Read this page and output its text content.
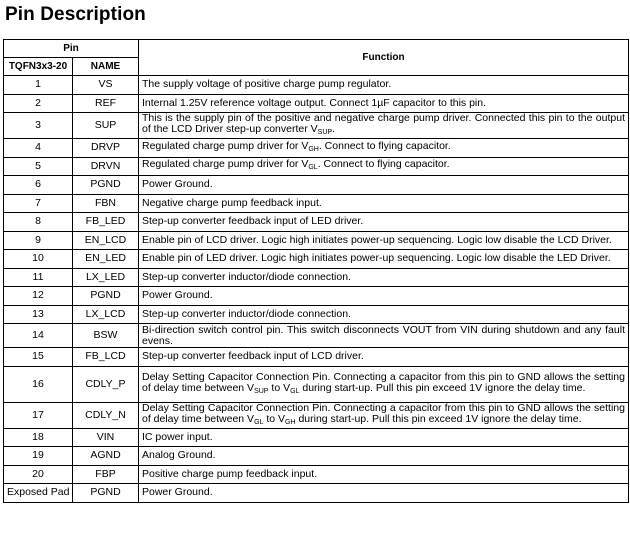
Pin Description
Pin		Function
TQFN3x3-20	NAME	
1	VS	The supply voltage of positive charge pump regulator.
2	REF	Internal 1.25V reference voltage output. Connect 1µF capacitor to this pin.
3	SUP	This is the supply pin of the positive and negative charge pump driver. Connected this pin to the output of the LCD Driver step-up converter $V_{SUP}$.
4	DRVP	Regulated charge pump driver for $V_{GH}$. Connect to flying capacitor.
5	DRVN	Regulated charge pump driver for $V_{GL}$. Connect to flying capacitor.
6	PGND	Power Ground.
7	FBN	Negative charge pump feedback input.
8	FB_LED	Step-up converter feedback input of LED driver.
9	EN_LCD	Enable pin of LCD driver. Logic high initiates power-up sequencing. Logic low disable the LCD Driver.
10	EN_LED	Enable pin of LED driver. Logic high initiates power-up sequencing. Logic low disable the LED Driver.
11	LX_LED	Step-up converter inductor/diode connection.
12	PGND	Power Ground.
13	LX_LCD	Step-up converter inductor/diode connection.
14	BSW	Bi-direction switch control pin. This switch disconnects VOUT from VIN during shutdown and any fault evens.
15	FB_LCD	Step-up converter feedback input of LCD driver.
16	CDLY_P	Delay Setting Capacitor Connection Pin. Connecting a capacitor from this pin to GND allows the setting of delay time between $V_{SUP}$ to $V_{GL}$ during start-up. Pull this pin exceed 1V ignore the delay time.
17	CDLY_N	Delay Setting Capacitor Connection Pin. Connecting a capacitor from this pin to GND allows the setting of delay time between $V_{GL}$ to $V_{GH}$ during start-up. Pull this pin exceed 1V ignore the delay time.
18	VIN	IC power input.
19	AGND	Analog Ground.
20	FBP	Positive charge pump feedback input.
Exposed Pad	PGND	Power Ground.
